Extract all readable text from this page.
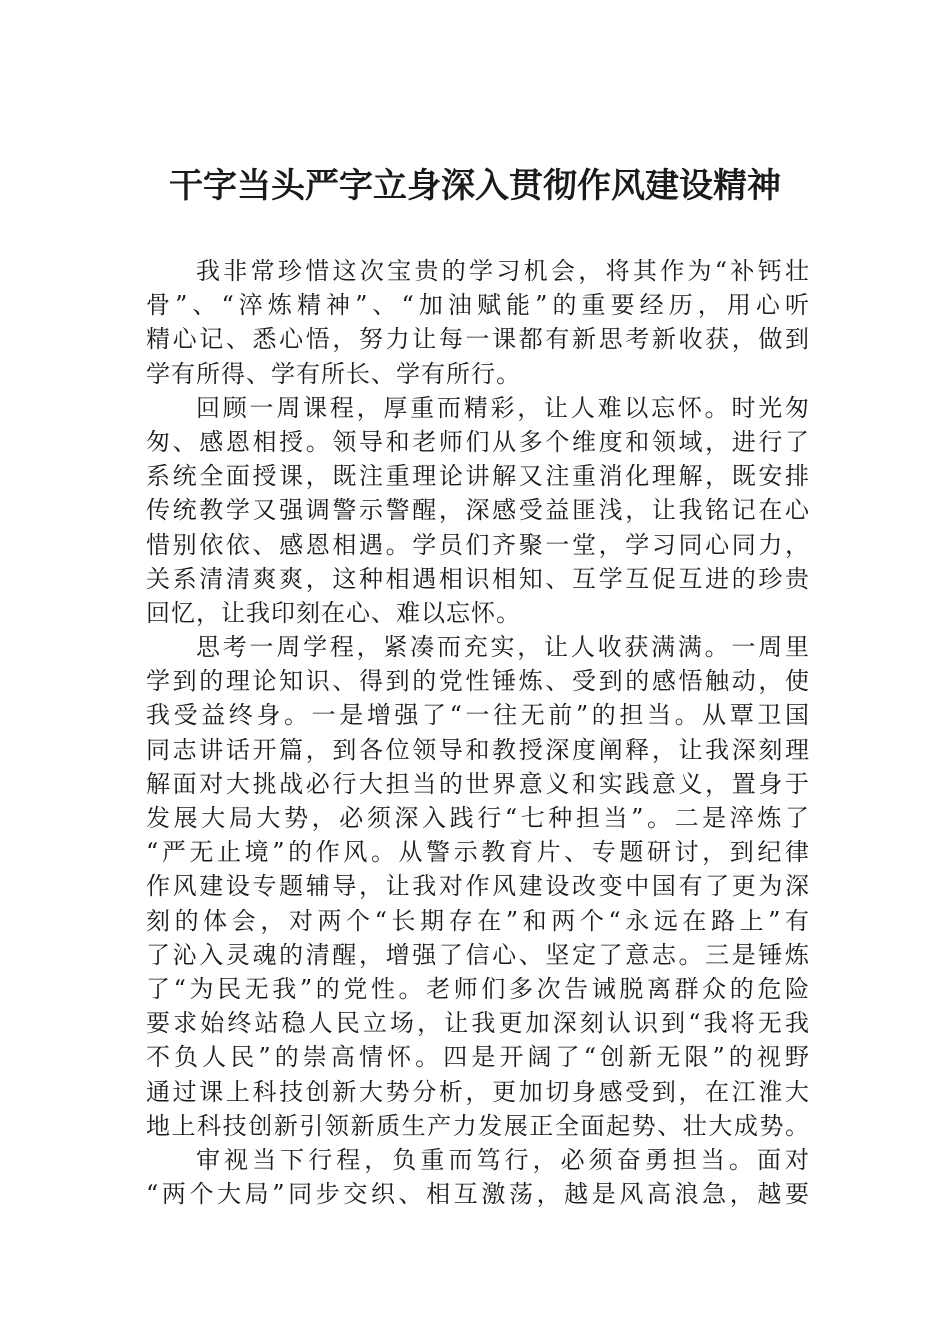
干字当头严字立身深入贯彻作风建设精神
我非常珍惜这次宝贵的学习机会，将其作为“补钙壮
骨”、“淬炼精神”、“加油赋能”的重要经历，用心听
精心记、悉心悟，努力让每一课都有新思考新收获，做到
学有所得、学有所长、学有所行。
回顾一周课程，厚重而精彩，让人难以忘怀。时光匆
匆、感恩相授。领导和老师们从多个维度和领域，进行了
系统全面授课，既注重理论讲解又注重消化理解，既安排
传统教学又强调警示警醒，深感受益匪浅，让我铭记在心
惜别依依、感恩相遇。学员们齐聚一堂，学习同心同力，
关系清清爽爽，这种相遇相识相知、互学互促互进的珍贵
回忆，让我印刻在心、难以忘怀。
思考一周学程，紧凑而充实，让人收获满满。一周里
学到的理论知识、得到的党性锤炼、受到的感悟触动，使
我受益终身。一是增强了“一往无前”的担当。从覃卫国
同志讲话开篇，到各位领导和教授深度阐释，让我深刻理
解面对大挑战必行大担当的世界意义和实践意义，置身于
发展大局大势，必须深入践行“七种担当”。二是淬炼了
“严无止境”的作风。从警示教育片、专题研讨，到纪律
作风建设专题辅导，让我对作风建设改变中国有了更为深
刻的体会，对两个“长期存在”和两个“永远在路上”有
了沁入灵魂的清醒，增强了信心、坚定了意志。三是锤炼
了“为民无我”的党性。老师们多次告诫脱离群众的危险
要求始终站稳人民立场，让我更加深刻认识到“我将无我
不负人民”的崇高情怀。四是开阔了“创新无限”的视野
通过课上科技创新大势分析，更加切身感受到，在江淮大
地上科技创新引领新质生产力发展正全面起势、壮大成势。
审视当下行程，负重而笃行，必须奋勇担当。面对
“两个大局”同步交织、相互激荡，越是风高浪急，越要
